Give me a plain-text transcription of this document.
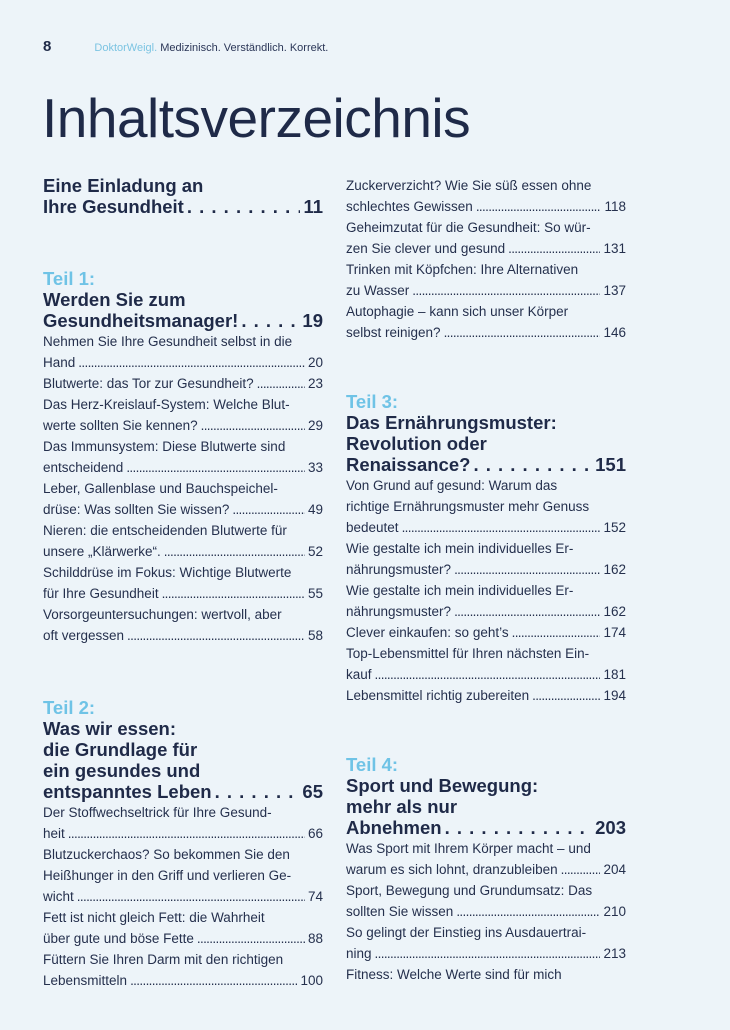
8	DoktorWeigl. Medizinisch. Verständlich. Korrekt.
Inhaltsverzeichnis
Eine Einladung an
Ihre Gesundheit . . .	11
Teil 1:
Werden Sie zum
Gesundheitsmanager! . . .	19
Nehmen Sie Ihre Gesundheit selbst in die
Hand . . .	20
Blutwerte: das Tor zur Gesundheit? . . .	23
Das Herz-Kreislauf-System: Welche Blut-
werte sollten Sie kennen? . . .	29
Das Immunsystem: Diese Blutwerte sind
entscheidend . . .	33
Leber, Gallenblase und Bauchspeichel-
drüse: Was sollten Sie wissen? . . .	49
Nieren: die entscheidenden Blutwerte für
unsere „Klärwerke“. . . .	52
Schilddrüse im Fokus: Wichtige Blutwerte
für Ihre Gesundheit . . .	55
Vorsorgeuntersuchungen: wertvoll, aber
oft vergessen . . .	58
Teil 2:
Was wir essen:
die Grundlage für
ein gesundes und
entspanntes Leben . . .	65
Der Stoffwechseltrick für Ihre Gesund-
heit . . .	66
Blutzuckerchaos? So bekommen Sie den
Heißhunger in den Griff und verlieren Ge-
wicht . . .	74
Fett ist nicht gleich Fett: die Wahrheit
über gute und böse Fette . . .	88
Füttern Sie Ihren Darm mit den richtigen
Lebensmitteln . . .	100
Zuckerverzicht? Wie Sie süß essen ohne
schlechtes Gewissen . . .	118
Geheimzutat für die Gesundheit: So wür-
zen Sie clever und gesund . . .	131
Trinken mit Köpfchen: Ihre Alternativen
zu Wasser . . .	137
Autophagie – kann sich unser Körper
selbst reinigen? . . .	146
Teil 3:
Das Ernährungsmuster:
Revolution oder
Renaissance? . . .	151
Von Grund auf gesund: Warum das
richtige Ernährungsmuster mehr Genuss
bedeutet . . .	152
Wie gestalte ich mein individuelles Er-
nährungsmuster? . . .	162
Wie gestalte ich mein individuelles Er-
nährungsmuster? . . .	162
Clever einkaufen: so geht’s . . .	174
Top-Lebensmittel für Ihren nächsten Ein-
kauf . . .	181
Lebensmittel richtig zubereiten . . .	194
Teil 4:
Sport und Bewegung:
mehr als nur
Abnehmen . . .	203
Was Sport mit Ihrem Körper macht – und
warum es sich lohnt, dranzubleiben . . .	204
Sport, Bewegung und Grundumsatz: Das
sollten Sie wissen . . .	210
So gelingt der Einstieg ins Ausdauertrai-
ning . . .	213
Fitness: Welche Werte sind für mich
